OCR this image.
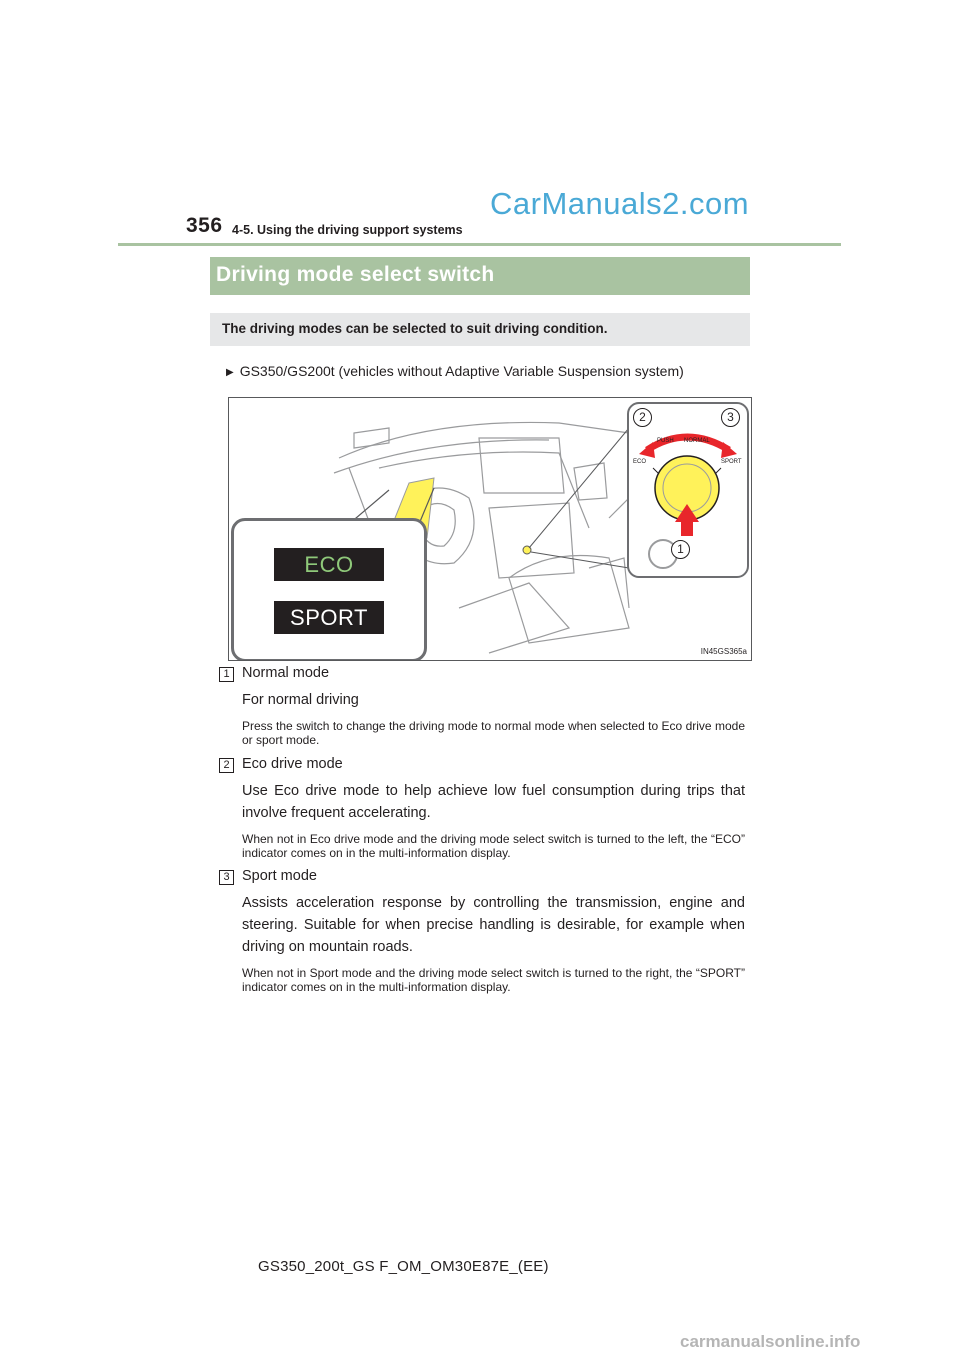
356 4-5. Using the driving support systems
CarManuals2.com
Driving mode select switch
The driving modes can be selected to suit driving condition.
▶ GS350/GS200t (vehicles without Adaptive Variable Suspension system)
ECO
SPORT
PUSH NORMAL
ECO	SPORT
2	3
1
IN45GS365a
1 Normal mode
For normal driving
Press the switch to change the driving mode to normal mode when selected to Eco drive mode or sport mode.
2 Eco drive mode
Use Eco drive mode to help achieve low fuel consumption during trips that involve frequent accelerating.
When not in Eco drive mode and the driving mode select switch is turned to the left, the “ECO” indicator comes on in the multi-information display.
3 Sport mode
Assists acceleration response by controlling the transmission, engine and steering. Suitable for when precise handling is desirable, for example when driving on mountain roads.
When not in Sport mode and the driving mode select switch is turned to the right, the “SPORT” indicator comes on in the multi-information display.
GS350_200t_GS F_OM_OM30E87E_(EE)
carmanualsonline.info
